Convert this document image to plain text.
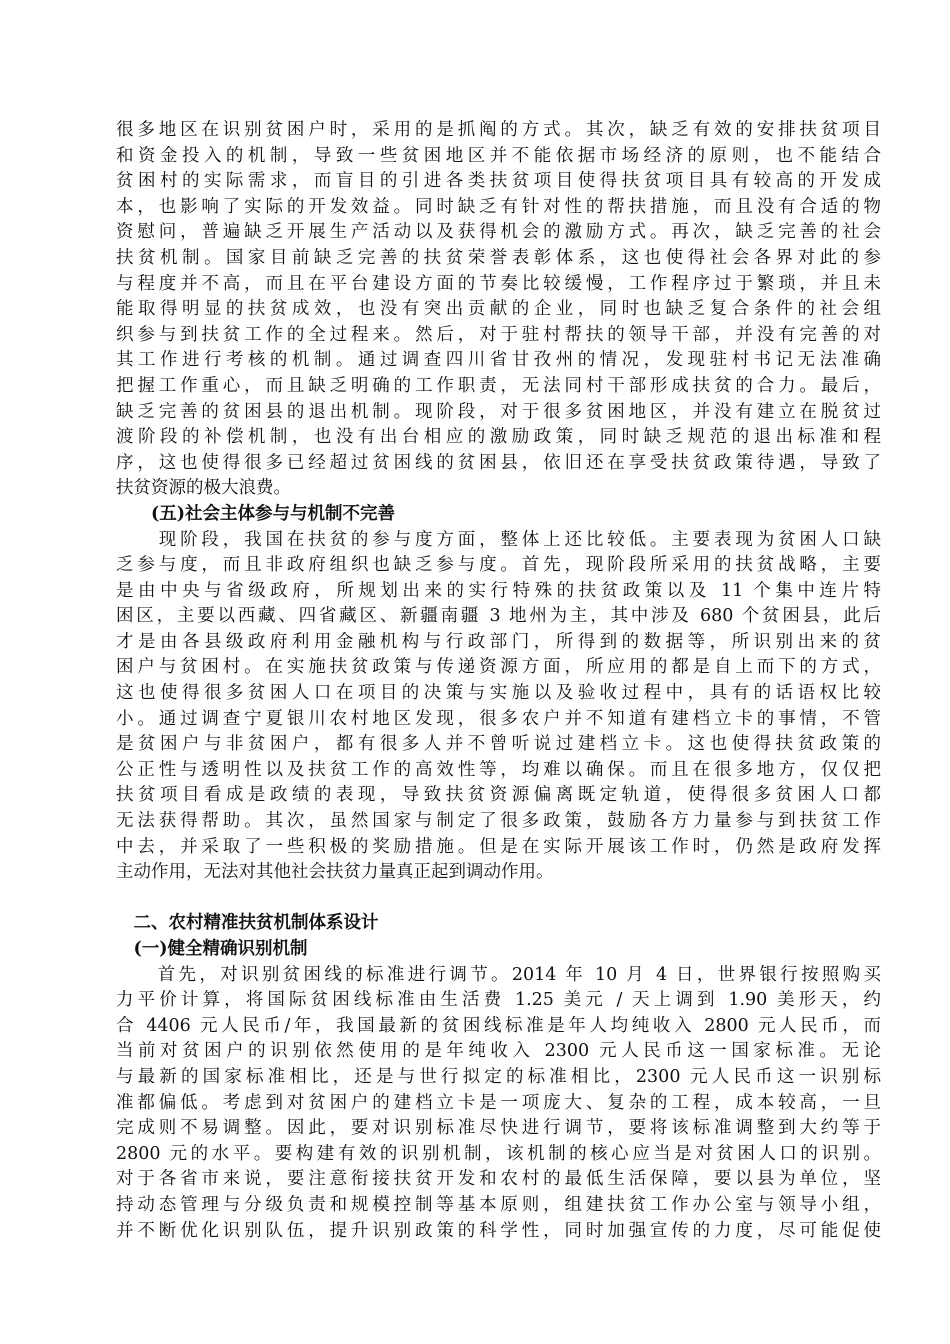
很多地区在识别贫困户时，采用的是抓阄的方式。其次，缺乏有效的安排扶贫项目
和资金投入的机制，导致一些贫困地区并不能依据市场经济的原则，也不能结合
贫困村的实际需求，而盲目的引进各类扶贫项目使得扶贫项目具有较高的开发成
本，也影响了实际的开发效益。同时缺乏有针对性的帮扶措施，而且没有合适的物
资慰问，普遍缺乏开展生产活动以及获得机会的激励方式。再次，缺乏完善的社会
扶贫机制。国家目前缺乏完善的扶贫荣誉表彰体系，这也使得社会各界对此的参
与程度并不高，而且在平台建设方面的节奏比较缓慢，工作程序过于繁琐，并且未
能取得明显的扶贫成效，也没有突出贡献的企业，同时也缺乏复合条件的社会组
织参与到扶贫工作的全过程来。然后，对于驻村帮扶的领导干部，并没有完善的对
其工作进行考核的机制。通过调查四川省甘孜州的情况，发现驻村书记无法准确
把握工作重心，而且缺乏明确的工作职责，无法同村干部形成扶贫的合力。最后，
缺乏完善的贫困县的退出机制。现阶段，对于很多贫困地区，并没有建立在脱贫过
渡阶段的补偿机制，也没有出台相应的激励政策，同时缺乏规范的退出标准和程
序，这也使得很多已经超过贫困线的贫困县，依旧还在享受扶贫政策待遇，导致了
扶贫资源的极大浪费。
(五)社会主体参与与机制不完善
　　现阶段，我国在扶贫的参与度方面，整体上还比较低。主要表现为贫困人口缺
乏参与度，而且非政府组织也缺乏参与度。首先，现阶段所采用的扶贫战略，主要
是由中央与省级政府，所规划出来的实行特殊的扶贫政策以及 11 个集中连片特
困区，主要以西藏、四省藏区、新疆南疆 3 地州为主，其中涉及 680 个贫困县，此后
才是由各县级政府利用金融机构与行政部门，所得到的数据等，所识别出来的贫
困户与贫困村。在实施扶贫政策与传递资源方面，所应用的都是自上而下的方式，
这也使得很多贫困人口在项目的决策与实施以及验收过程中，具有的话语权比较
小。通过调查宁夏银川农村地区发现，很多农户并不知道有建档立卡的事情，不管
是贫困户与非贫困户，都有很多人并不曾听说过建档立卡。这也使得扶贫政策的
公正性与透明性以及扶贫工作的高效性等，均难以确保。而且在很多地方，仅仅把
扶贫项目看成是政绩的表现，导致扶贫资源偏离既定轨道，使得很多贫困人口都
无法获得帮助。其次，虽然国家与制定了很多政策，鼓励各方力量参与到扶贫工作
中去，并采取了一些积极的奖励措施。但是在实际开展该工作时，仍然是政府发挥
主动作用，无法对其他社会扶贫力量真正起到调动作用。
二、农村精准扶贫机制体系设计
(一)健全精确识别机制
　　首先，对识别贫困线的标准进行调节。2014 年 10 月 4 日，世界银行按照购买
力平价计算，将国际贫困线标准由生活费 1.25 美元 / 天上调到 1.90 美形天，约
合 4406 元人民币/年，我国最新的贫困线标准是年人均纯收入 2800 元人民币，而
当前对贫困户的识别依然使用的是年纯收入 2300 元人民币这一国家标准。无论
与最新的国家标准相比，还是与世行拟定的标准相比，2300 元人民币这一识别标
准都偏低。考虑到对贫困户的建档立卡是一项庞大、复杂的工程，成本较高，一旦
完成则不易调整。因此，要对识别标准尽快进行调节，要将该标准调整到大约等于
2800 元的水平。要构建有效的识别机制，该机制的核心应当是对贫困人口的识别。
对于各省市来说，要注意衔接扶贫开发和农村的最低生活保障，要以县为单位，坚
持动态管理与分级负责和规模控制等基本原则，组建扶贫工作办公室与领导小组，
并不断优化识别队伍，提升识别政策的科学性，同时加强宣传的力度，尽可能促使
